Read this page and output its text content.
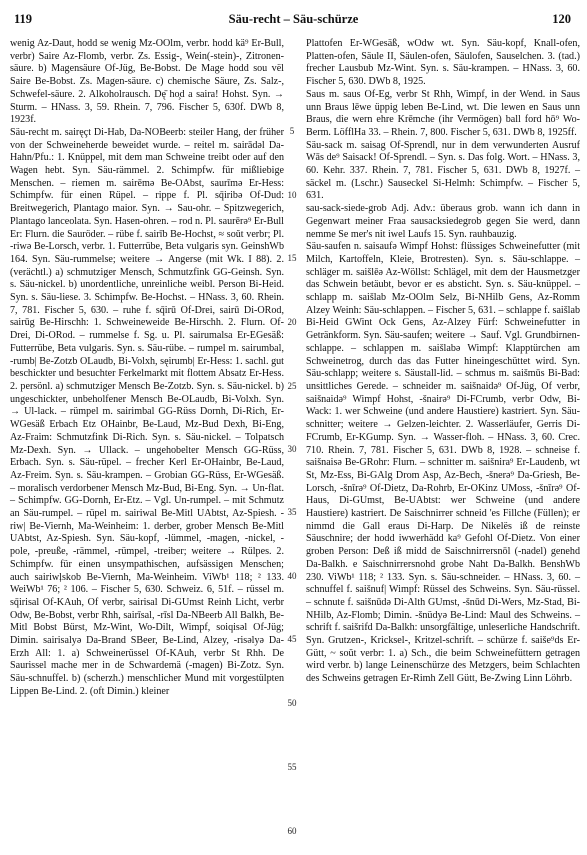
119	Säu-recht – Säu-schürze	120

wenig Az-Daut, hodd se wenig Mz-OOlm, verbr. hodd kä⁹ Er-Bull, verbr) Saire Az-Flomb, verbr. Zs. Essig-, Wein(-stein)-, Zitronen-säure. b) Magensäure Of-Jüg, Be-Bobst. De Mage hodd sou vël Saire Be-Bobst. Zs. Magen-säure. c) chemische Säure, Zs. Salz-, Schwefel-säure. 2. Alkoholrausch. Dę̄ ho̧d a saira! Hohst. Syn. → Sturm. – HNass. 3, 59. Rhein. 7, 796. Fischer 5, 630f. DWb 8, 1923f.

Säu-recht m. sairęçt Di-Hab, Da-NOBeerb: steiler Hang, der früher von der Schweineherde beweidet wurde. – reitel m. sairādəl Da-Hahn/Pfu.: 1. Knüppel, mit dem man Schweine treibt oder auf den Wagen hebt. Syn. Säu-rämmel. 2. Schimpfw. für mißliebige Menschen. – riemen m. sairēmə Be-OAbst, saurīmə Er-Hess: Schimpfw. für einen Rüpel. – rippe f. Pl. sq̄iribə Of-Dud: Breitwegerich, Plantago maior. Syn. → Sau-ohr. – Spitzwegerich, Plantago lanceolata. Syn. Hasen-ohren. – rod n. Pl. saurērə⁹ Er-Bull Er: Flurn. die Sauröder. – rübe f. sairīb Be-Hochst, ≈ soŭt verbr; Pl. -riwə Be-Lorsch, verbr. 1. Futterrübe, Beta vulgaris syn. GeinshWb 164. Syn. Säu-rummelse; weitere → Angerse (mit Wk. I 88). 2. (verächtl.) a) schmutziger Mensch, Schmutzfink GG-Geinsh. Syn. s. Säu-nickel. b) unordentliche, unreinliche weibl. Person Bi-Heid. Syn. s. Säu-liese. 3. Schimpfw. Be-Hochst. – HNass. 3, 60. Rhein. 7, 781. Fischer 5, 630. – ruhe f. sq̄irū Of-Drei, sairū Di-ORod, sairūg Be-Hirschh: 1. Schweineweide Be-Hirschh. 2. Flurn. Of-Drei, Di-ORod. – rummelse f. Sg. u. Pl. sairumalsa Er-EGesäß: Futterrübe, Beta vulgaris. Syn. s. Säu-rübe. – rumpel m. sairumbal, -rumb| Be-Zotzb OLaudb, Bi-Volxh, sęirumb| Er-Hess: 1. sachl. gut beschickter und besuchter Ferkelmarkt mit flottem Absatz Er-Hess. 2. persönl. a) schmutziger Mensch Be-Zotzb. Syn. s. Säu-nickel. b) ungeschickter, unbeholfener Mensch Be-OLaudb, Bi-Volxh. Syn. → Ul-lack. – rümpel m. sairimbal GG-Rüss Dornh, Di-Rich, Er-WGesäß Erbach Etz OHainbr, Be-Laud, Mz-Bud Dexh, Bi-Eng, Az-Fraim: Schmutzfink Di-Rich. Syn. s. Säu-nickel. – Tolpatsch Mz-Dexh. Syn. → Ullack. – ungehobelter Mensch GG-Rüss, Erbach. Syn. s. Säu-rüpel. – frecher Kerl Er-OHainbr, Be-Laud, Az-Freim. Syn. s. Säu-krampen. – Grobian GG-Rüss, Er-WGesäß. – moralisch verdorbener Mensch Mz-Bud, Bi-Eng. Syn. → Un-flat. – Schimpfw. GG-Dornh, Er-Etz. – Vgl. Un-rumpel. – mit Schmutz an Säu-rumpel. – rüpel m. sairiwal Be-Mitl UAbtst, Az-Spiesh. -riw| Be-Viernh, Ma-Weinheim: 1. derber, grober Mensch Be-Mitl UAbtst, Az-Spiesh. Syn. Säu-kopf, -lümmel, -magen, -nickel, -pole, -preuße, -rämmel, -rümpel, -treiber; weitere → Rülpes. 2. Schimpfw. für einen unsympathischen, aufsässigen Menschen; auch sairiwļskob Be-Viernh, Ma-Weinheim. ViWb¹ 118; ² 133. WeiWb¹ 76; ² 106. – Fischer 5, 630. Schweiz. 6, 51f. – rüssel m. sq̄irisal Of-KAuh, Of verbr, sairisal Di-GUmst Reinh Licht, verbr Odw, Be-Bobst, verbr Rhh, sairīsal, -rīsl Da-NBeerb All Balkh, Be-Mitl Bobst Bürst, Mz-Wint, Wo-Dilt, Wimpf, soiqisəl Of-Jüg; Dimin. sairisalyə Da-Brand SBeer, Be-Lind, Alzey, -risəlyə Da-Erzh All: 1. a) Schweinerüssel Of-KAuh, verbr St Rhh. De Saurissel mache mer in de Schwardemä (-magen) Bi-Zotz. Syn. Säu-schnuffel. b) (scherzh.) menschlicher Mund mit vorgestülpten Lippen Be-Lind. 2. (oft Dimin.) kleiner

5
10
15
20
25
30
35
40
45
50
55
60

Plattofen Er-WGesäß, wOdw wt. Syn. Säu-kopf, Knall-ofen, Platten-ofen, Säule II, Säulen-ofen, Säulofen, Sauselchen. 3. (tad.) frecher Lausbub Mz-Wint. Syn. s. Säu-krampen. – HNass. 3, 60. Fischer 5, 630. DWb 8, 1925.

Saus m. saus Of-Eg, verbr St Rhh, Wimpf, in der Wend. in Saus unn Braus lēwe üppig leben Be-Lind, wt. Die lewen en Saus unn Braus, die wern ehre Krēmche (ihr Vermögen) ball ford hō⁹ Wo-Berm. LöfflHa 33. – Rhein. 7, 800. Fischer 5, 631. DWb 8, 1925ff.

Säu-sack m. saisag Of-Sprendl, nur in dem verwunderten Ausruf Wās de⁹ Saisack! Of-Sprendl. – Syn. s. Das folg. Wort. – HNass. 3, 60. Kehr. 337. Rhein. 7, 781. Fischer 5, 631. DWb 8, 1927f. – säckel m. (Lschr.) Sauseckel Si-Helmh: Schimpfw. – Fischer 5, 631.

sau-sack-siede-grob Adj. Adv.: überaus grob. wann ich dann in Gegenwart meiner Fraa sausacksiedegrob gegen Sie werd, dann nemme Se mer's nit iwel Laufs 15. Syn. rauhbauzig.

Säu-saufen n. saisaufə Wimpf Hohst: flüssiges Schweinefutter (mit Milch, Kartoffeln, Kleie, Brotresten). Syn. s. Säu-schlappe. – schläger m. saišlēə Az-Wöllst: Schlägel, mit dem der Hausmetzger das Schwein betäubt, bevor er es absticht. Syn. s. Säu-knüppel. – schlapp m. saišlab Mz-OOlm Selz, Bi-NHilb Gens, Az-Romm Alzey Weinh: Säu-schlappen. – Fischer 5, 631. – schlappe f. saišlab Bi-Heid GWint Ock Gens, Az-Alzey Fürf: Schweinefutter in Getränkform. Syn. Säu-saufen; weitere → Sauf. Vgl. Grundbirnen-schlappe. – schlappen m. saišlabə Wimpf: Klapptürchen am Schweinetrog, durch das das Futter hineingeschüttet wird. Syn. Säu-schlapp; weitere s. Säustall-lid. – schmus m. saišmūs Bi-Bad: unsittliches Gerede. – schneider m. saišnaidə⁹ Of-Jüg, Of verbr, saišnaidə⁹ Wimpf Hohst, -šnairə⁹ Di-FCrumb, verbr Odw, Bi-Wack: 1. wer Schweine (und andere Haustiere) kastriert. Syn. Säu-schnitter; weitere → Gelzen-leichter. 2. Wasserläufer, Gerris Di-FCrumb, Er-KGump. Syn. → Wasser-floh. – HNass. 3, 60. Crec. 710. Rhein. 7, 781. Fischer 5, 631. DWb 8, 1928. – schneise f. saišnaisə Be-GRohr: Flurn. – schnitter m. saišnira⁹ Er-Laudenb, wt St, Mz-Ess, Bi-GAlg Drom Asp, Az-Bech, -šnerə⁹ Da-Griesh, Be-Lorsch, -šnīrə⁹ Of-Dietz, Da-Rohrb, Er-OKinz UMoss, -šnīrə⁹ Of-Haus, Di-GUmst, Be-UAbtst: wer Schweine (und andere Haustiere) kastriert. De Saischnirrer schneid 'es Fillche (Füllen); er nimmd die Gall eraus Di-Harp. De Nikelës iß de reinste Säuschnire; der hodd iwwerhädd ka⁹ Gefohl Of-Dietz. Von einer groben Person: Deß iß midd de Saischnirrersnōl (-nadel) genehd Da-Balkh. e Saischnirrersnohd grobe Naht Da-Balkh. BenshWb 230. ViWb¹ 118; ² 133. Syn. s. Säu-schneider. – HNass. 3, 60. – schnuffel f. saišnuf| Wimpf: Rüssel des Schweins. Syn. Säu-rüssel. – schnute f. saišnūdə Di-Alth GUmst, -šnūd Di-Wers, Mz-Stad, Bi-NHilb, Az-Flomb; Dimin. -šnüdyə Be-Lind: Maul des Schweins. – schrift f. saišrifd Da-Balkh: unsorgfältige, unleserliche Handschrift. Syn. Grutzen-, Kricksel-, Kritzel-schrift. – schürze f. saiše⁹ds Er-Gütt, ~ soŭt verbr: 1. a) Sch., die beim Schweinefüttern getragen wird verbr. b) lange Leinenschürze des Metzgers, beim Schlachten des Schweins getragen Er-Rimh Zell Gütt, Be-Zwing Linn Löhrb.
